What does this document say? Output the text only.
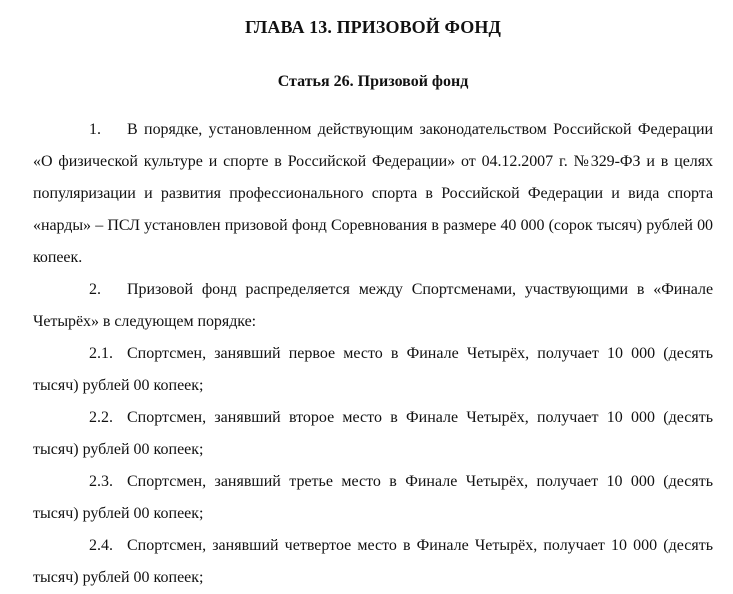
ГЛАВА 13. ПРИЗОВОЙ ФОНД
Статья 26. Призовой фонд

1. В порядке, установленном действующим законодательством Российской Федерации «О физической культуре и спорте в Российской Федерации» от 04.12.2007 г. №329-ФЗ и в целях популяризации и развития профессионального спорта в Российской Федерации и вида спорта «нарды» – ПСЛ установлен призовой фонд Соревнования в размере 40 000 (сорок тысяч) рублей 00 копеек.

2. Призовой фонд распределяется между Спортсменами, участвующими в «Финале Четырёх» в следующем порядке:

2.1. Спортсмен, занявший первое место в Финале Четырёх, получает 10 000 (десять тысяч) рублей 00 копеек;

2.2. Спортсмен, занявший второе место в Финале Четырёх, получает 10 000 (десять тысяч) рублей 00 копеек;

2.3. Спортсмен, занявший третье место в Финале Четырёх, получает 10 000 (десять тысяч) рублей 00 копеек;

2.4. Спортсмен, занявший четвертое место в Финале Четырёх, получает 10 000 (десять тысяч) рублей 00 копеек;
